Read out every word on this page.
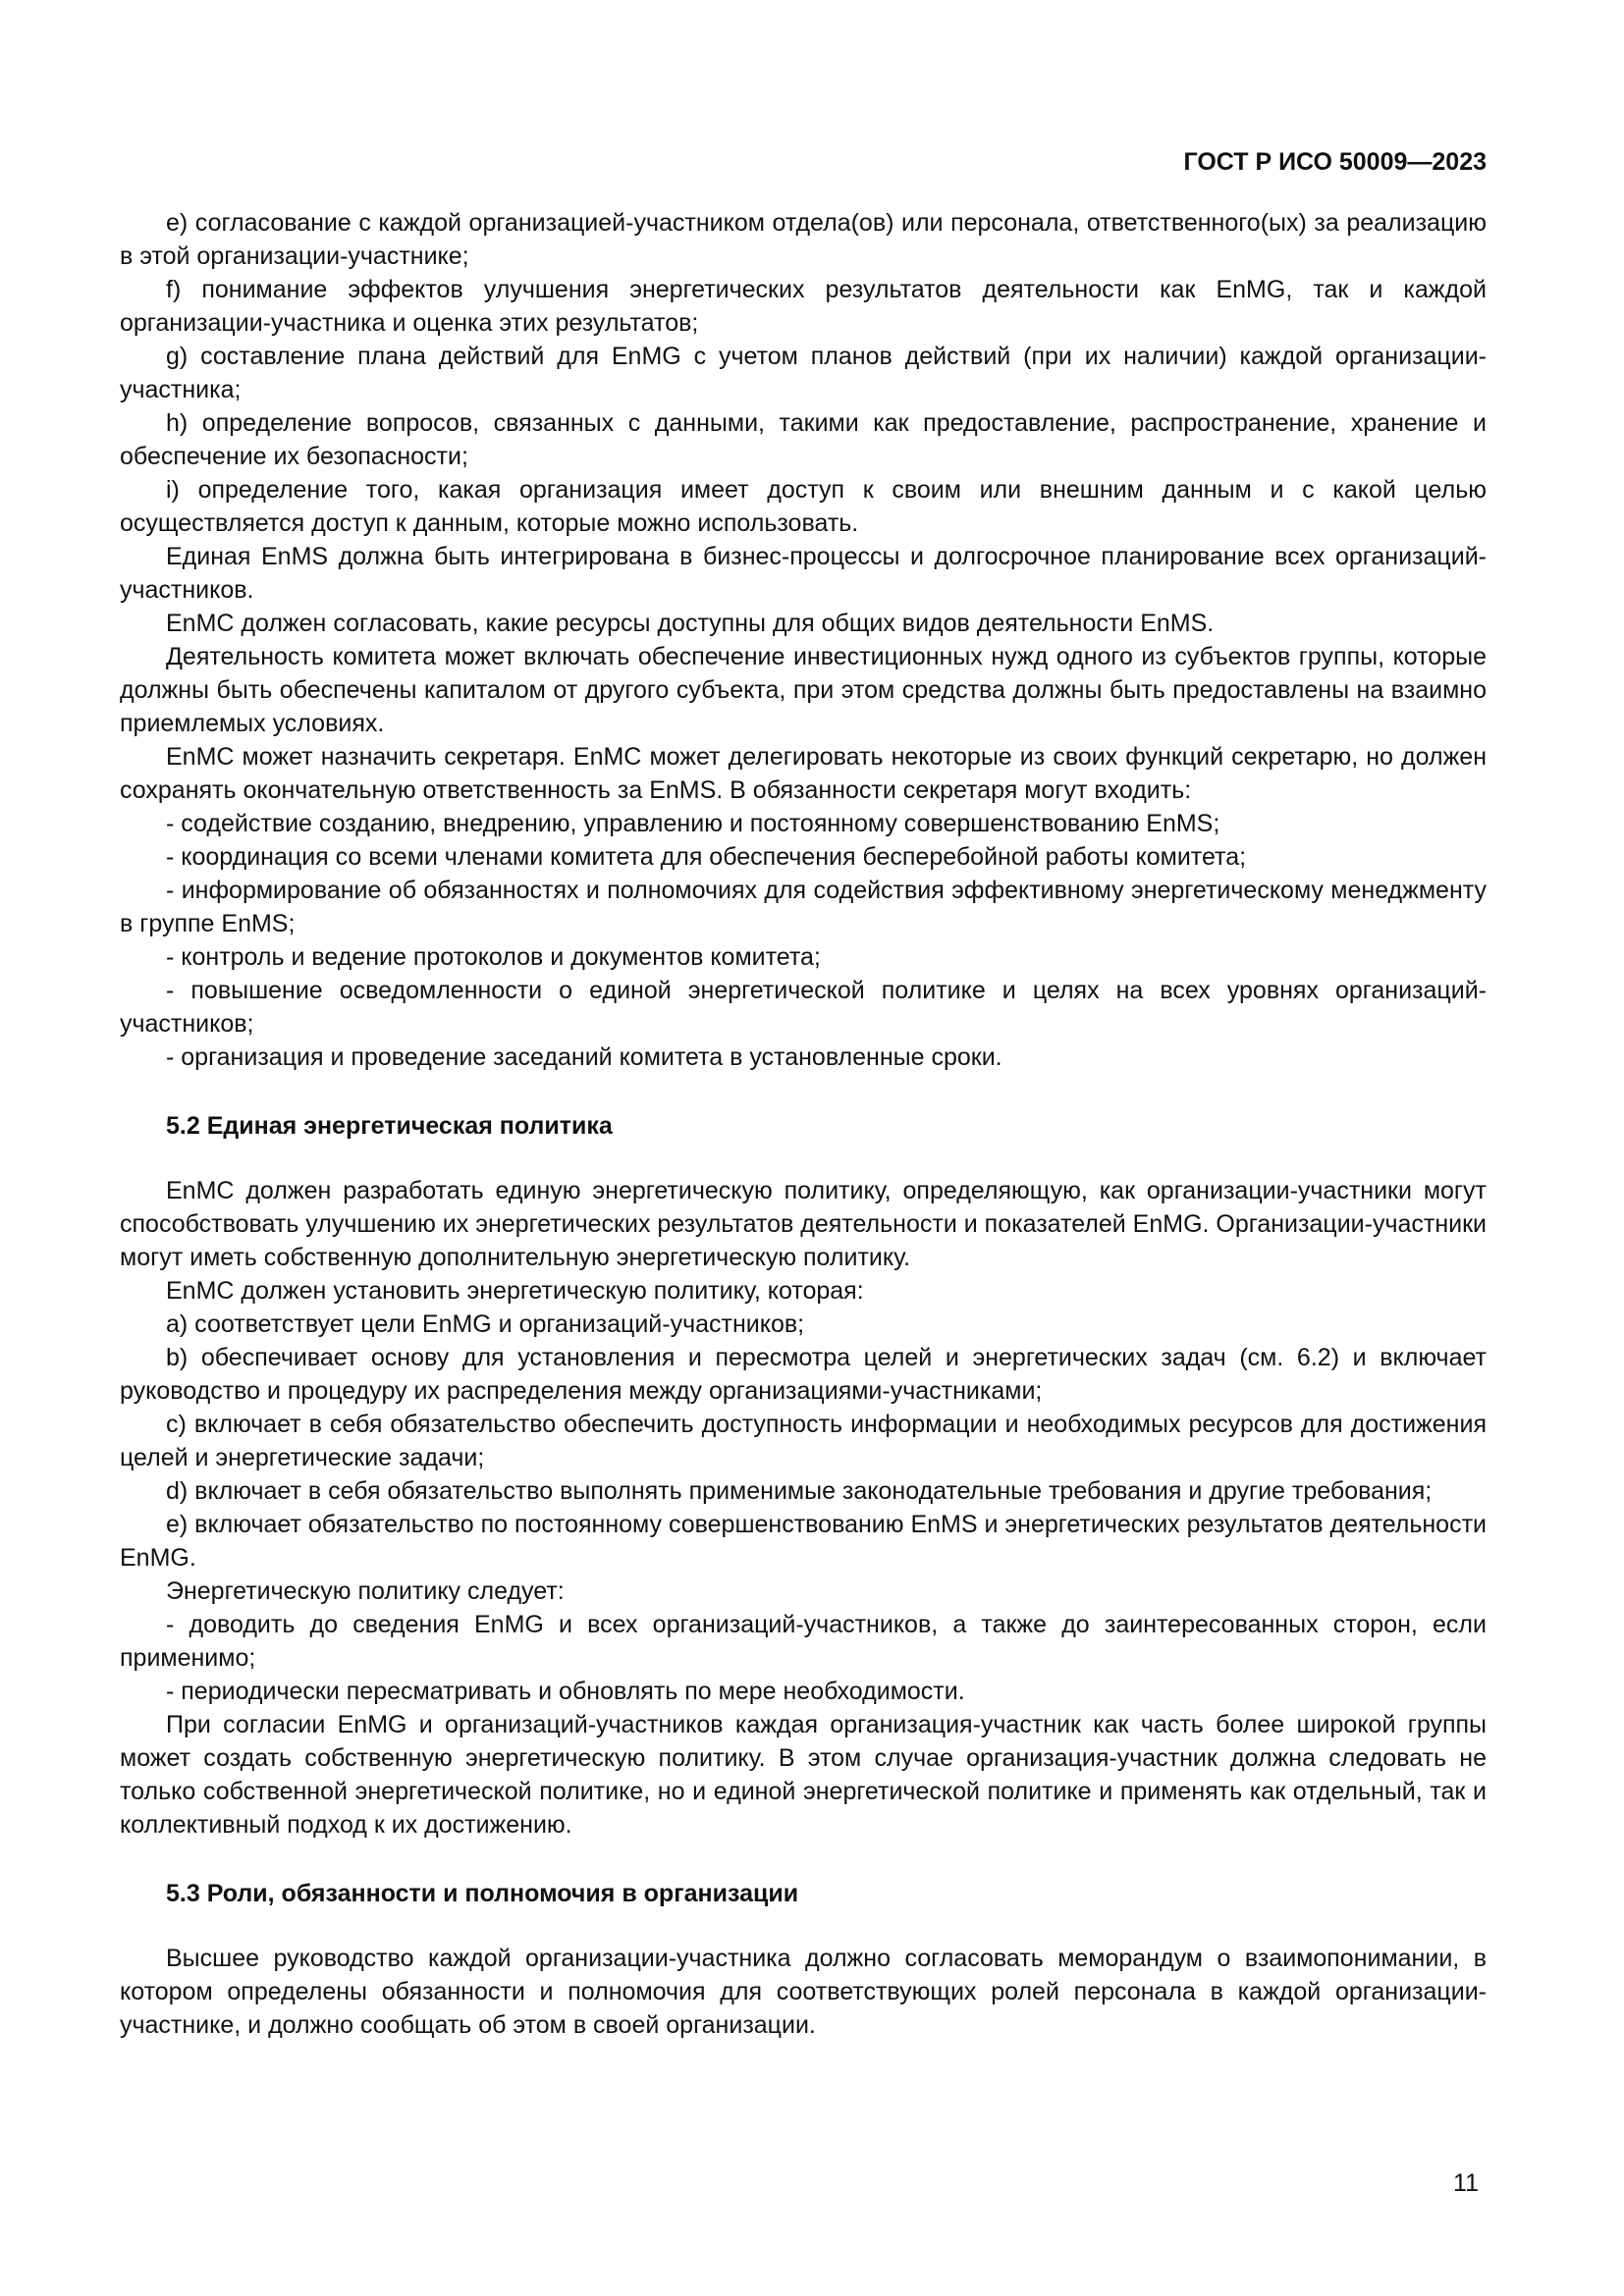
ГОСТ Р ИСО 50009—2023

e) согласование с каждой организацией-участником отдела(ов) или персонала, ответственного(ых) за реализацию в этой организации-участнике;

f) понимание эффектов улучшения энергетических результатов деятельности как EnMG, так и каждой организации-участника и оценка этих результатов;

g) составление плана действий для EnMG с учетом планов действий (при их наличии) каждой организации-участника;

h) определение вопросов, связанных с данными, такими как предоставление, распространение, хранение и обеспечение их безопасности;

i) определение того, какая организация имеет доступ к своим или внешним данным и с какой целью осуществляется доступ к данным, которые можно использовать.

Единая EnMS должна быть интегрирована в бизнес-процессы и долгосрочное планирование всех организаций-участников.

EnMC должен согласовать, какие ресурсы доступны для общих видов деятельности EnMS.

Деятельность комитета может включать обеспечение инвестиционных нужд одного из субъектов группы, которые должны быть обеспечены капиталом от другого субъекта, при этом средства должны быть предоставлены на взаимно приемлемых условиях.

EnMC может назначить секретаря. EnMC может делегировать некоторые из своих функций секретарю, но должен сохранять окончательную ответственность за EnMS. В обязанности секретаря могут входить:

- содействие созданию, внедрению, управлению и постоянному совершенствованию EnMS;

- координация со всеми членами комитета для обеспечения бесперебойной работы комитета;

- информирование об обязанностях и полномочиях для содействия эффективному энергетическому менеджменту в группе EnMS;

- контроль и ведение протоколов и документов комитета;

- повышение осведомленности о единой энергетической политике и целях на всех уровнях организаций-участников;

- организация и проведение заседаний комитета в установленные сроки.

5.2 Единая энергетическая политика

EnMC должен разработать единую энергетическую политику, определяющую, как организации-участники могут способствовать улучшению их энергетических результатов деятельности и показателей EnMG. Организации-участники могут иметь собственную дополнительную энергетическую политику.

EnMC должен установить энергетическую политику, которая:

a) соответствует цели EnMG и организаций-участников;

b) обеспечивает основу для установления и пересмотра целей и энергетических задач (см. 6.2) и включает руководство и процедуру их распределения между организациями-участниками;

c) включает в себя обязательство обеспечить доступность информации и необходимых ресурсов для достижения целей и энергетические задачи;

d) включает в себя обязательство выполнять применимые законодательные требования и другие требования;

e) включает обязательство по постоянному совершенствованию EnMS и энергетических результатов деятельности EnMG.

Энергетическую политику следует:

- доводить до сведения EnMG и всех организаций-участников, а также до заинтересованных сторон, если применимо;

- периодически пересматривать и обновлять по мере необходимости.

При согласии EnMG и организаций-участников каждая организация-участник как часть более широкой группы может создать собственную энергетическую политику. В этом случае организация-участник должна следовать не только собственной энергетической политике, но и единой энергетической политике и применять как отдельный, так и коллективный подход к их достижению.

5.3 Роли, обязанности и полномочия в организации

Высшее руководство каждой организации-участника должно согласовать меморандум о взаимопонимании, в котором определены обязанности и полномочия для соответствующих ролей персонала в каждой организации-участнике, и должно сообщать об этом в своей организации.

11
